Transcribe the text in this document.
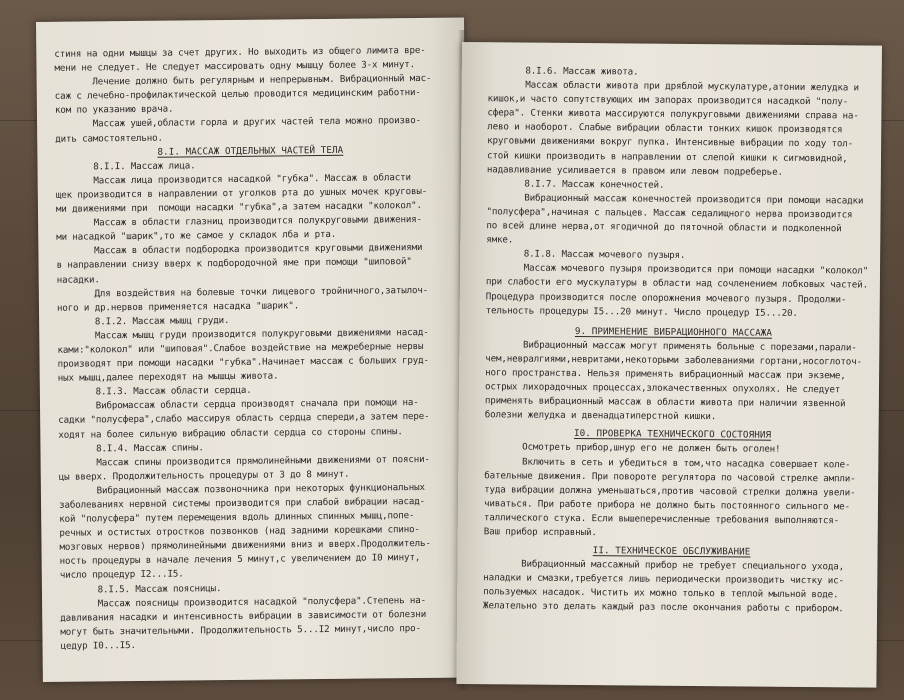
стиня на одни мышцы за счет других. Но выходить из общего лимита вре-
мени не следует. Не следует массировать одну мышцу более 3-х минут.
Лечение должно быть регулярным и непрерывным. Вибрационный мас-
саж с лечебно-профилактической целью проводится медицинским работни-
ком по указанию врача.
Массаж ушей,области горла и других частей тела можно произво-
дить самостоятельно.
8.I. МАССАЖ ОТДЕЛЬНЫХ ЧАСТЕЙ ТЕЛА
8.I.I. Массаж лица.
Массаж лица производится насадкой "губка". Массаж в области
щек производится в направлении от уголков рта до ушных мочек круговы-
ми движениями при  помощи насадки "губка",а затем насадки "колокол".
Массаж в области глазниц производится полукруговыми движения-
ми насадкой "шарик",то же самое у складок лба и рта.
Массаж в области подбородка производится круговыми движениями
в направлении снизу вверх к подбородочной яме при помощи "шиповой"
насадки.
Для воздействия на болевые точки лицевого тройничного,затылоч-
ного и др.нервов применяется насадка "шарик".
8.I.2. Массаж мышц груди.
Массаж мышц груди производится полукруговыми движениями насад-
ками:"колокол" или "шиповая".Слабое воздействие на межреберные нервы
производят при помощи насадки "губка".Начинает массаж с больших груд-
ных мышц,далее переходят на мышцы живота.
8.I.3. Массаж области сердца.
Вибромассаж области сердца производят сначала при помощи на-
садки "полусфера",слабо массируя область сердца спереди,а затем пере-
ходят на более сильную вибрацию области сердца со стороны спины.
8.I.4. Массаж спины.
Массаж спины производится прямолинейными движениями от поясни-
цы вверх. Продолжительность процедуры от 3 до 8 минут.
Вибрационный массаж позвоночника при некоторых функциональных
заболеваниях нервной системы производится при слабой вибрации насад-
кой "полусфера" путем перемещения вдоль длинных спинных мышц,попе-
речных и остистых отростков позвонков (над задними корешками спино-
мозговых нервов) прямолинейными движениями вниз и вверх.Продолжитель-
ность процедуры в начале лечения 5 минут,с увеличением до I0 минут,
число процедур I2...I5.
8.I.5. Массаж поясницы.
Массаж поясницы производится насадкой "полусфера".Степень на-
давливания насадки и интенсивность вибрации в зависимости от болезни
могут быть значительными. Продолжительность 5...I2 минут,число про-
цедур I0...I5.
8.I.6. Массаж живота.
Массаж области живота при дряблой мускулатуре,атонии желудка и
кишок,и часто сопутствующих им запорах производится насадкой "полу-
сфера". Стенки живота массируются полукруговыми движениями справа на-
лево и наоборот. Слабые вибрации области тонких кишок производятся
круговыми движениями вокруг пупка. Интенсивные вибрации по ходу тол-
стой кишки производить в направлении от слепой кишки к сигмовидной,
надавливание усиливается в правом или левом подреберье.
8.I.7. Массаж конечностей.
Вибрационный массаж конечностей производится при помощи насадки
"полусфера",начиная с пальцев. Массаж седалищного нерва производится
по всей длине нерва,от ягодичной до пяточной области и подколенной
ямке.
8.I.8. Массаж мочевого пузыря.
Массаж мочевого пузыря производится при помощи насадки "колокол"
при слабости его мускулатуры в области над сочленением лобковых частей.
Процедура производится после опорожнения мочевого пузыря. Продолжи-
тельность процедуры I5...20 минут. Число процедур I5...20.
9. ПРИМЕНЕНИЕ ВИБРАЦИОННОГО МАССАЖА
Вибрационный массаж могут применять больные с порезами,парали-
чем,невралгиями,невритами,некоторыми заболеваниями гортани,носоглоточ-
ного пространства. Нельзя применять вибрационный массаж при экземе,
острых лихорадочных процессах,злокачественных опухолях. Не следует
применять вибрационный массаж в области живота при наличии язвенной
болезни желудка и двенадцатиперстной кишки.
I0. ПРОВЕРКА ТЕХНИЧЕСКОГО СОСТОЯНИЯ
Осмотреть прибор,шнур его не должен быть оголен!
Включить в сеть и убедиться в том,что насадка совершает коле-
бательные движения. При повороте регулятора по часовой стрелке ампли-
туда вибрации должна уменьшаться,против часовой стрелки должна увели-
чиваться. При работе прибора не должно быть постоянного сильного ме-
таллического стука. Если вышеперечисленные требования выполняются-
Ваш прибор исправный.
II. ТЕХНИЧЕСКОЕ ОБСЛУЖИВАНИЕ
Вибрационный массажный прибор не требует специального ухода,
наладки и смазки,требуется лишь периодически производить чистку ис-
пользуемых насадок. Чистить их можно только в теплой мыльной воде.
Желательно это делать каждый раз после окончания работы с прибором.
